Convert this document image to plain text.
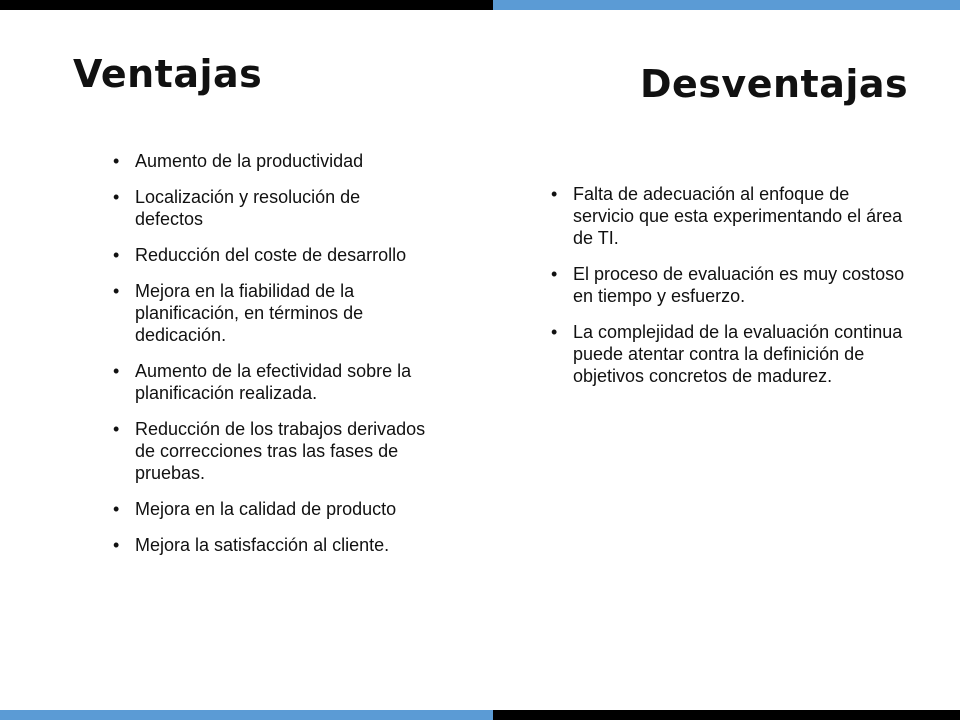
Ventajas	Desventajas
• Aumento de la productividad
• Localización y resolución de defectos
• Reducción del coste de desarrollo
• Mejora en la fiabilidad de la planificación, en términos de dedicación.
• Aumento de la efectividad sobre la planificación realizada.
• Reducción de los trabajos derivados de correcciones tras las fases de pruebas.
• Mejora en la calidad de producto
• Mejora la satisfacción al cliente.
• Falta de adecuación al enfoque de servicio que esta experimentando el área de TI.
• El proceso de evaluación es muy costoso en tiempo y esfuerzo.
• La complejidad de la evaluación continua puede atentar contra la definición de objetivos concretos de madurez.
